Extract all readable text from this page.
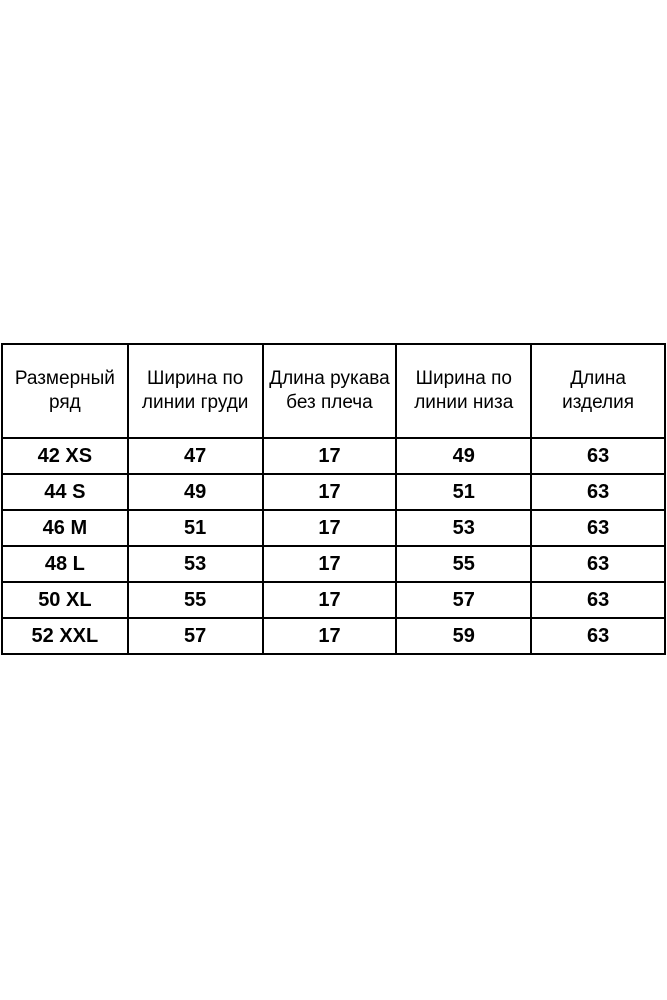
Размерный ряд	Ширина по линии груди	Длина рукава без плеча	Ширина по линии низа	Длина изделия
42 XS	47	17	49	63
44 S	49	17	51	63
46 M	51	17	53	63
48 L	53	17	55	63
50 XL	55	17	57	63
52 XXL	57	17	59	63
